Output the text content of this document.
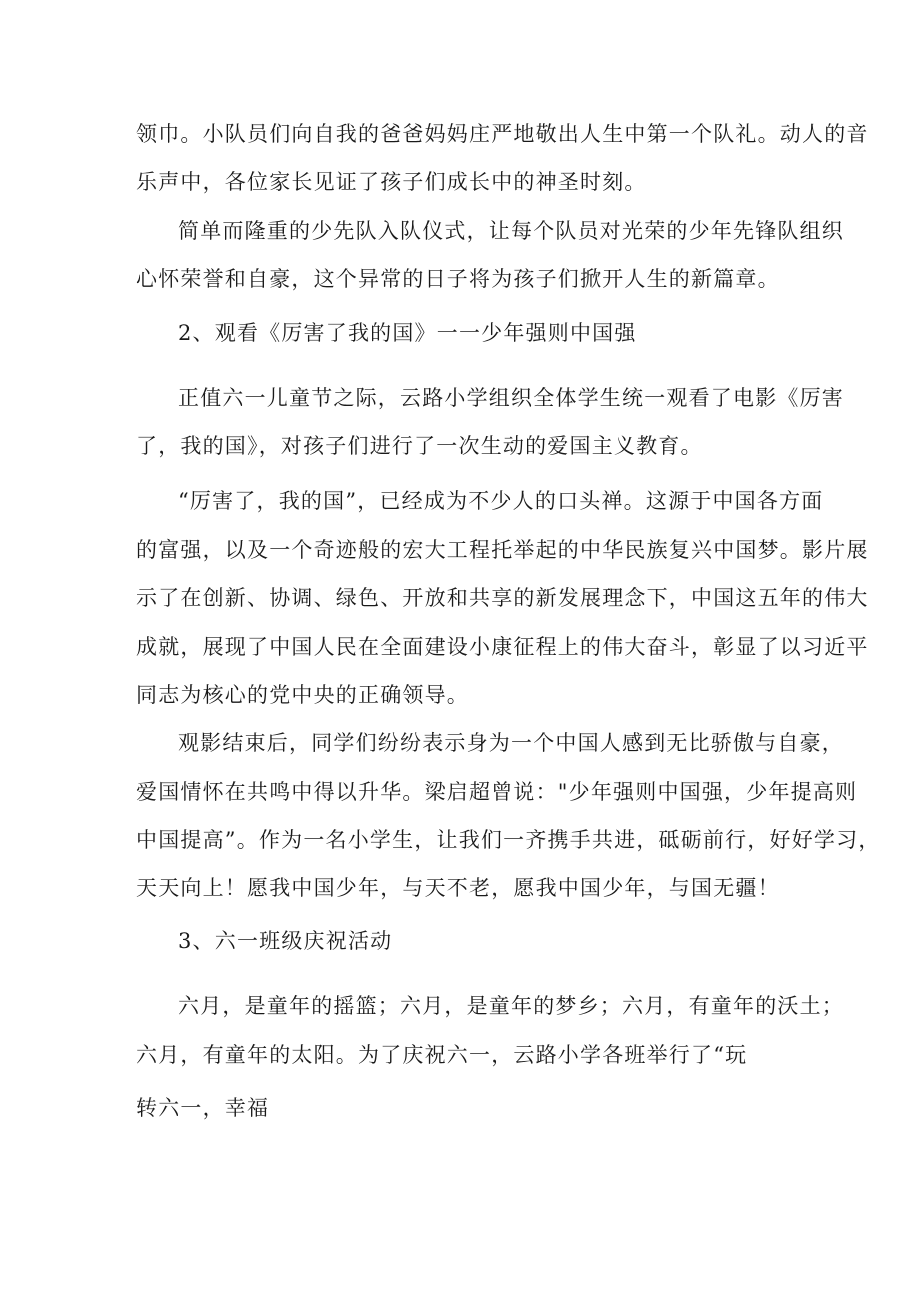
领巾。小队员们向自我的爸爸妈妈庄严地敬出人生中第一个队礼。动人的音
乐声中，各位家长见证了孩子们成长中的神圣时刻。
简单而隆重的少先队入队仪式，让每个队员对光荣的少年先锋队组织
心怀荣誉和自豪，这个异常的日子将为孩子们掀开人生的新篇章。
2、观看《厉害了我的国》一一少年强则中国强
正值六一儿童节之际，云路小学组织全体学生统一观看了电影《厉害
了，我的国》，对孩子们进行了一次生动的爱国主义教育。
“厉害了，我的国”，已经成为不少人的口头禅。这源于中国各方面
的富强，以及一个奇迹般的宏大工程托举起的中华民族复兴中国梦。影片展
示了在创新、协调、绿色、开放和共享的新发展理念下，中国这五年的伟大
成就，展现了中国人民在全面建设小康征程上的伟大奋斗，彰显了以习近平
同志为核心的党中央的正确领导。
观影结束后，同学们纷纷表示身为一个中国人感到无比骄傲与自豪，
爱国情怀在共鸣中得以升华。梁启超曾说："少年强则中国强，少年提高则
中国提高”。作为一名小学生，让我们一齐携手共进，砥砺前行，好好学习，
天天向上！愿我中国少年，与天不老，愿我中国少年，与国无疆！
3、六一班级庆祝活动
六月，是童年的摇篮；六月，是童年的梦乡；六月，有童年的沃土；
六月，有童年的太阳。为了庆祝六一，云路小学各班举行了“玩
转六一，幸福
